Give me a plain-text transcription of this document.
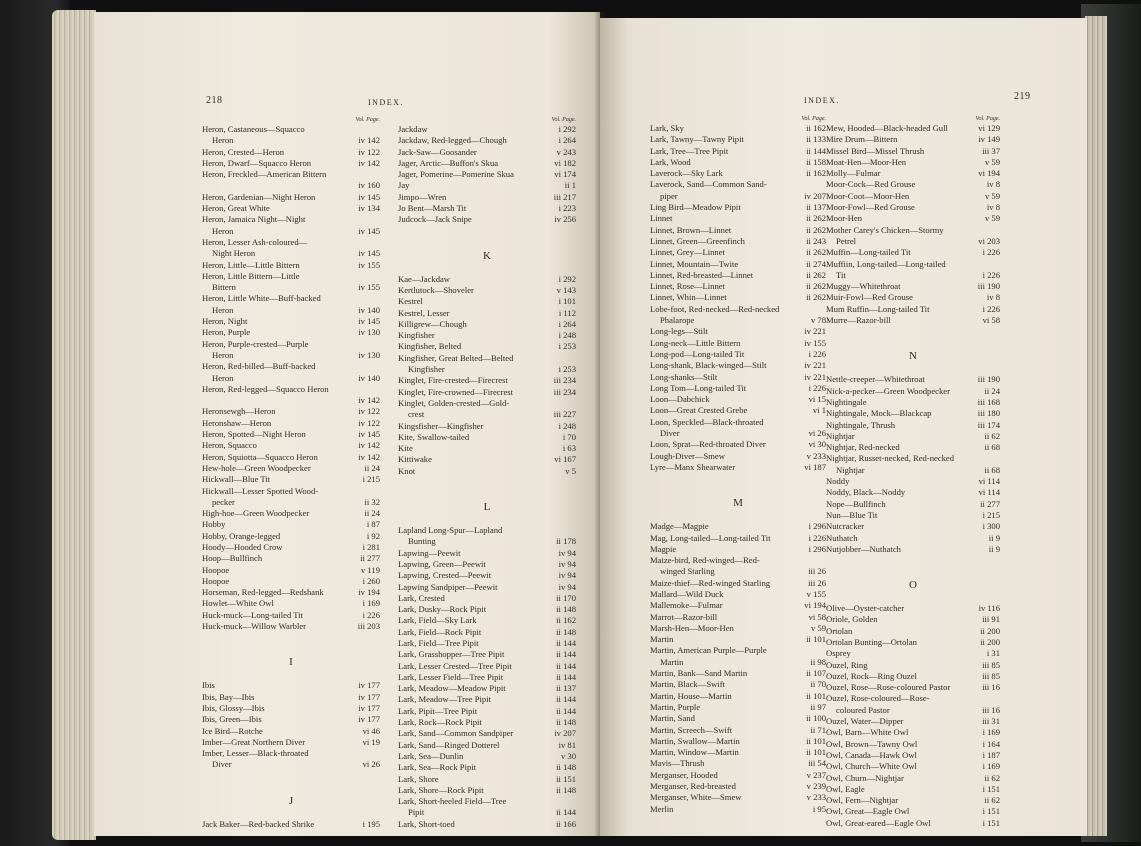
218	INDEX.
Vol. Page.
Heron, Castaneous—Squacco
Heron	iv 142
Heron, Crested—Heron	iv 122
Heron, Dwarf—Squacco Heron	iv 142
Heron, Freckled—American Bittern
iv 160
Heron, Gardenian—Night Heron	iv 145
Heron, Great White	iv 134
Heron, Jamaica Night—Night
Heron	iv 145
Heron, Lesser Ash-coloured—
Night Heron	iv 145
Heron, Little—Little Bittern	iv 155
Heron, Little Bittern—Little
Bittern	iv 155
Heron, Little White—Buff-backed
Heron	iv 140
Heron, Night	iv 145
Heron, Purple	iv 130
Heron, Purple-crested—Purple
Heron	iv 130
Heron, Red-billed—Buff-backed
Heron	iv 140
Heron, Red-legged—Squacco Heron
iv 142
Heronsewgh—Heron	iv 122
Heronshaw—Heron	iv 122
Heron, Spotted—Night Heron	iv 145
Heron, Squacco	iv 142
Heron, Squiotta—Squacco Heron	iv 142
Hew-hole—Green Woodpecker	ii 24
Hickwall—Blue Tit	i 215
Hickwall—Lesser Spotted Wood-
pecker	ii 32
High-hoe—Green Woodpecker	ii 24
Hobby	i 87
Hobby, Orange-legged	i 92
Hoody—Hooded Crow	i 281
Hoop—Bullfinch	ii 277
Hoopoe	v 119
Hoopoe	i 260
Horseman, Red-legged—Redshank	iv 194
Howlet—White Owl	i 169
Huck-muck—Long-tailed Tit	i 226
Huck-muck—Willow Warbler	iii 203
I
Ibis	iv 177
Ibis, Bay—Ibis	iv 177
Ibis, Glossy—Ibis	iv 177
Ibis, Green—Ibis	iv 177
Ice Bird—Rotche	vi 46
Imber—Great Northern Diver	vi 19
Imber, Lesser—Black-throated
Diver	vi 26
J
Jack Baker—Red-backed Shrike	i 195
Vol. Page.
Jackdaw	i 292
Jackdaw, Red-legged—Chough	i 264
Jack-Saw—Goosander	v 243
Jager, Arctic—Buffon's Skua	vi 182
Jager, Pomerine—Pomerine Skua	vi 174
Jay	ii 1
Jimpo—Wren	iii 217
Jo Bent—Marsh Tit	i 223
Judcock—Jack Snipe	iv 256
K
Kae—Jackdaw	i 292
Kertlutock—Shoveler	v 143
Kestrel	i 101
Kestrel, Lesser	i 112
Killigrew—Chough	i 264
Kingfisher	i 248
Kingfisher, Belted	i 253
Kingfisher, Great Belted—Belted
Kingfisher	i 253
Kinglet, Fire-crested—Firecrest	iii 234
Kinglet, Fire-crowned—Firecrest	iii 234
Kinglet, Golden-crested—Gold-
crest	iii 227
Kingsfisher—Kingfisher	i 248
Kite, Swallow-tailed	i 70
Kite	i 63
Kittiwake	vi 167
Knot	v 5
L
Lapland Long-Spur—Lapland
Bunting	ii 178
Lapwing—Peewit	iv 94
Lapwing, Green—Peewit	iv 94
Lapwing, Crested—Peewit	iv 94
Lapwing Sandpiper—Peewit	iv 94
Lark, Crested	ii 170
Lark, Dusky—Rock Pipit	ii 148
Lark, Field—Sky Lark	ii 162
Lark, Field—Rock Pipit	ii 148
Lark, Field—Tree Pipit	ii 144
Lark, Grasshopper—Tree Pipit	ii 144
Lark, Lesser Crested—Tree Pipit	ii 144
Lark, Lesser Field—Tree Pipit	ii 144
Lark, Meadow—Meadow Pipit	ii 137
Lark, Meadow—Tree Pipit	ii 144
Lark, Pipit—Tree Pipit	ii 144
Lark, Rock—Rock Pipit	ii 148
Lark, Sand—Common Sandpiper	iv 207
Lark, Sand—Ringed Dotterel	iv 81
Lark, Sea—Dunlin	v 30
Lark, Sea—Rock Pipit	ii 148
Lark, Shore	ii 151
Lark, Shore—Rock Pipit	ii 148
Lark, Short-heeled Field—Tree
Pipit	ii 144
Lark, Short-toed	ii 166
219
INDEX.
Vol. Page.
Lark, Sky	ii 162
Lark, Tawny—Tawny Pipit	ii 133
Lark, Tree—Tree Pipit	ii 144
Lark, Wood	ii 158
Laverock—Sky Lark	ii 162
Laverock, Sand—Common Sand-
piper	iv 207
Ling Bird—Meadow Pipit	ii 137
Linnet	ii 262
Linnet, Brown—Linnet	ii 262
Linnet, Green—Greenfinch	ii 243
Linnet, Grey—Linnet	ii 262
Linnet, Mountain—Twite	ii 274
Linnet, Red-breasted—Linnet	ii 262
Linnet, Rose—Linnet	ii 262
Linnet, Whin—Linnet	ii 262
Lobe-foot, Red-necked—Red-necked
Phalarope	v 78
Long-legs—Stilt	iv 221
Long-neck—Little Bittern	iv 155
Long-pod—Long-tailed Tit	i 226
Long-shank, Black-winged—Stilt	iv 221
Long-shanks—Stilt	iv 221
Long Tom—Long-tailed Tit	i 226
Loon—Dabchick	vi 15
Loon—Great Crested Grebe	vi 1
Loon, Speckled—Black-throated
Diver	vi 26
Loon, Sprat—Red-throated Diver	vi 30
Lough-Diver—Smew	v 233
Lyre—Manx Shearwater	vi 187
M
Madge—Magpie	i 296
Mag, Long-tailed—Long-tailed Tit	i 226
Magpie	i 296
Maize-bird, Red-winged—Red-
winged Starling	iii 26
Maize-thief—Red-winged Starling	iii 26
Mallard—Wild Duck	v 155
Mallemoke—Fulmar	vi 194
Marrot—Razor-bill	vi 58
Marsh-Hen—Moor-Hen	v 59
Martin	ii 101
Martin, American Purple—Purple
Martin	ii 98
Martin, Bank—Sand Martin	ii 107
Martin, Black—Swift	ii 70
Martin, House—Martin	ii 101
Martin, Purple	ii 97
Martin, Sand	ii 100
Martin, Screech—Swift	ii 71
Martin, Swallow—Martin	ii 101
Martin, Window—Martin	ii 101
Mavis—Thrush	iii 54
Merganser, Hooded	v 237
Merganser, Red-breasted	v 239
Merganser, White—Smew	v 233
Merlin	i 95
Vol. Page.
Mew, Hooded—Black-headed Gull	vi 129
Mire Drum—Bittern	iv 149
Missel Bird—Missel Thrush	iii 37
Moat-Hen—Moor-Hen	v 59
Molly—Fulmar	vi 194
Moor-Cock—Red Grouse	iv 8
Moor-Coot—Moor-Hen	v 59
Moor-Fowl—Red Grouse	iv 8
Moor-Hen	v 59
Mother Carey's Chicken—Stormy
Petrel	vi 203
Muffin—Long-tailed Tit	i 226
Muffiin, Long-tailed—Long-tailed
Tit	i 226
Muggy—Whitethroat	iii 190
Muir-Fowl—Red Grouse	iv 8
Mum Ruffin—Long-tailed Tit	i 226
Murre—Razor-bill	vi 58
N
Nettle-creeper—Whitethroat	iii 190
Nick-a-pecker—Green Woodpecker	ii 24
Nightingale	iii 168
Nightingale, Mock—Blackcap	iii 180
Nightingale, Thrush	iii 174
Nightjar	ii 62
Nightjar, Red-necked	ii 68
Nightjar, Russet-necked, Red-necked
Nightjar	ii 68
Noddy	vi 114
Noddy, Black—Noddy	vi 114
Nope—Bullfinch	ii 277
Nun—Blue Tit	i 215
Nutcracker	i 300
Nuthatch	ii 9
Nutjobber—Nuthatch	ii 9
O
Olive—Oyster-catcher	iv 116
Oriole, Golden	iii 91
Ortolan	ii 200
Ortolan Bunting—Ortolan	ii 200
Osprey	i 31
Ouzel, Ring	iii 85
Ouzel, Rock—Ring Ouzel	iii 85
Ouzel, Rose—Rose-coloured Pastor	iii 16
Ouzel, Rose-coloured—Rose-
coloured Pastor	iii 16
Ouzel, Water—Dipper	iii 31
Owl, Barn—White Owl	i 169
Owl, Brown—Tawny Owl	i 164
Owl, Canada—Hawk Owl	i 187
Owl, Church—White Owl	i 169
Owl, Churn—Nightjar	ii 62
Owl, Eagle	i 151
Owl, Fern—Nightjar	ii 62
Owl, Great—Eagle Owl	i 151
Owl, Great-eared—Eagle Owl	i 151
